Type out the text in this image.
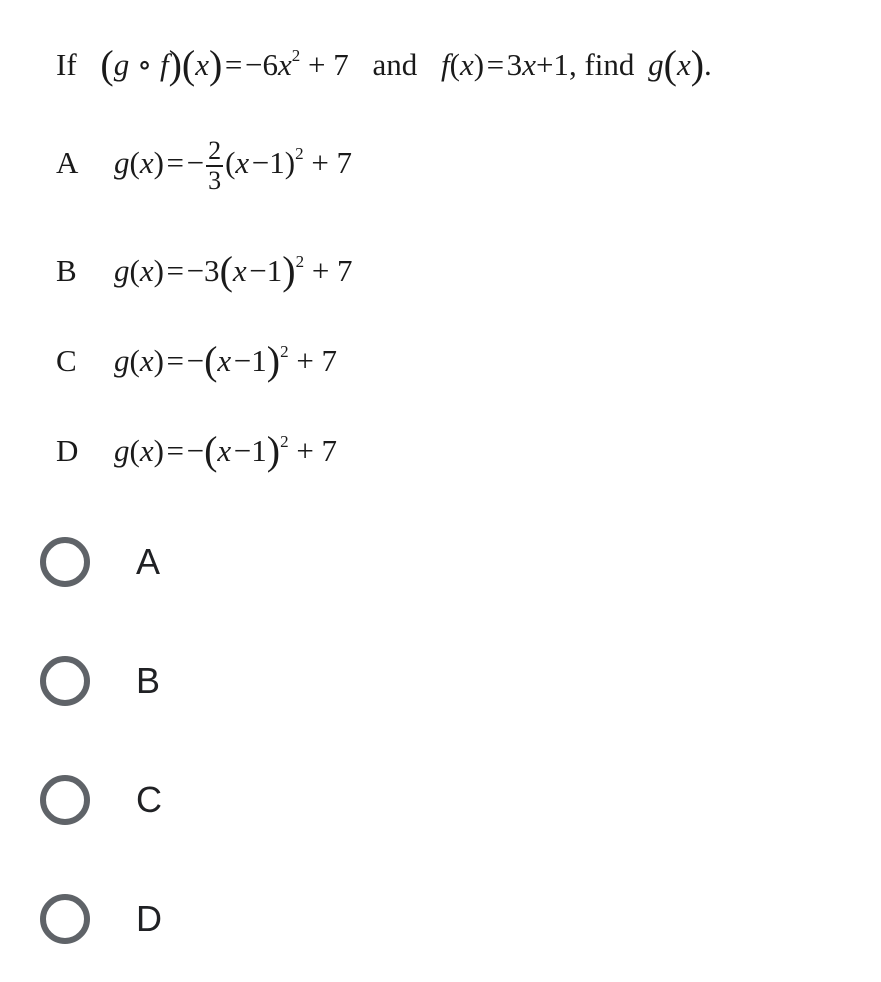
If (g ∘ f)(x) = $-6x^2 + 7$ and f(x) = 3x+1, find g(x).
A g(x) = − $\frac{2}{3} (x$ −1)$^2$ + 7
B g(x) = −3(x −1)$^2$ + 7
C g(x) = −(x −1)$^2$ + 7
D g(x) = −(x −1)$^2$ + 7
A
B
C
D
